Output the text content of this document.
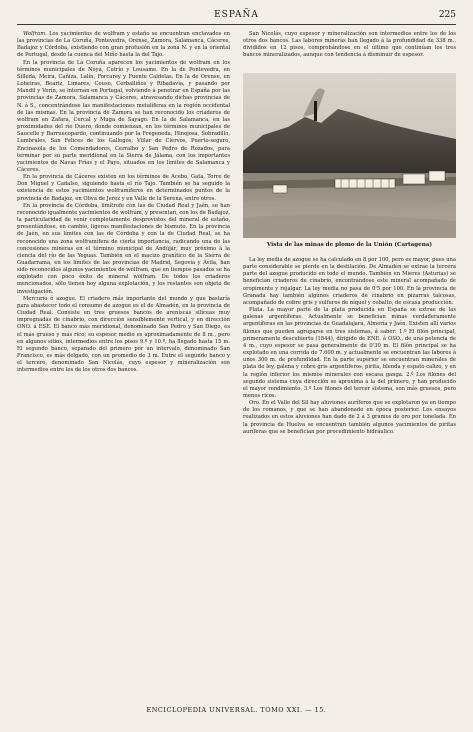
ESPAÑA	225

Wolfram. Los yacimientos de wolfram y estaño se encuentran enclavados en las provincias de La Coruña, Pontevedra, Orense, Zamora, Salamanca, Cáceres, Badajoz y Córdoba, existiendo con gran profusión en la zona N. y en la oriental de Portugal, desde la cuenca del Miño hasta la del Tajo.

En la provincia de La Coruña aparecen los yacimientos de wolfram en los términos municipales de Noya, Cutrío y Lousame. En la de Pontevedra, en Silleda, Meira, Cañiza, Lalín, Forcarey y Fuente Caldelas. En la de Orense, en Lobeiras, Beariz, Limares, Couso, Cerballiños y Ribadavia, y pasando por Mandil y Verín, se internan en Portugal, volviendo á penetrar en España por las provincias de Zamora, Salamanca y Cáceres, atravesando dichas provincias de N. á S., concentrándose las manifestaciones metalíferas en la región occidental de las mismas. En la provincia de Zamora se han reconocido los criaderos de wolfram en Zafara, Cercal y Muga de Sayago. En la de Salamanca, en las proximidades del río Duero, donde comienzan, en los términos municipales de Saucelle y Barruecopardo, continuando por la Fregeneda, Hinojosa, Sobradillo, Lumbrales, San Felices de los Gallegos, Villar de Ciervos, Puerto-seguro, Encinasola de los Comendadores, Cerralbo y San Pedro de Rozados, para terminar por su parte meridional en la Sierra de Jálama, con los importantes yacimientos de Navas Frías y el Payo, situados en los límites de Salamanca y Cáceres.

En la provincia de Cáceres existen en los términos de Acebo, Gata, Torre de Don Miguel y Cadalso, siguiendo hasta el río Tajo. También se ha seguido la existencia de estos yacimientos wolframíferos en determinados puntos de la provincia de Badajoz, en Oliva de Jerez y en Valle de la Serena, entre otros.

En la provincia de Córdoba, limítrofe con las de Ciudad Real y Jaén, se han reconocido igualmente yacimientos de wolfram, y presentan, con los de Badajoz, la particularidad de venir completamente desprovistos del mineral de estaño, presentándose, en cambio, ligeras manifestaciones de bismuto. En la provincia de Jaén, en sus límites con las de Córdoba y con la de Ciudad Real, se ha reconocido una zona wolframífera de cierta importancia, radicando una de las concesiones mineras en el término municipal de Andújar, muy próximo á la ciencia del río de las Yeguas. También en el macizo granítico de la Sierra de Guadarrama, en los límites de las provincias de Madrid, Segovia y Ávila, han sido reconocidos algunos yacimientos de wolfram, que en tiempos pasados se ha explotado con poco éxito de mineral wolfram. De todos los criaderos mencionados, sólo tienen hoy alguna explotación, y los restantes son objeto de investigación.

Mercurio ó azogue. El criadero más importante del mundo y que bastaría para abastecer todo el consumo de azogue es el de Almadén, en la provincia de Ciudad Real. Consiste en tres gruesos bancos de areniscas silíceas muy impregnadas de cinabrio, con dirección sensiblemente vertical, y en dirección ONO. á ESE. El banco más meridional, denominado San Pedro y San Diego, es el más grueso y más rico; su espesor medio es aproximadamente de 8 m., pero en algunos sitios, intermedios entre los pisos 9.º y 10.º, ha llegado hasta 15 m. El segundo banco, separado del primero por un intervalo, denominado San Francisco, es más delgado, con un promedio de 3 m. Entre el segundo banco y el tercero, denominado San Nicolás, cuyo espesor y mineralización son intermedios entre los de los otros dos bancos.

San Nicolás, cuyo espesor y mineralización son intermedios entre los de los otros dos bancos. Las labores mineras han llegado á la profundidad de 338 m., divididos en 12 pisos, comprobándose en el último que continúan los tres bancos mineralizados, aunque con tendencia á disminuir de espesor.

Vista de las minas de plomo de la Unión (Cartagena)

La ley media de azogue se ha calculado en 8 por 100, pero es mayor, pues una parte considerable se pierde en la destilación. De Almadén se extrae la tercera parte del azogue producido en todo el mundo. También en Mieres (Asturias) se benefician criaderos de cinabrio, encontrándose este mineral acompañado de oropimente y rejalgar. La ley media no pasa de 0'5 por 100. En la provincia de Granada hay también algunos criaderos de cinabrio en pizarras talcosas, acompañado de cobre gris y sulfuros de níquel y cobalto, de escasa producción.

Plata. La mayor parte de la plata producida en España se extrae de las galenas argentíferas. Actualmente se benefician minas verdaderamente argentíferas en las provincias de Guadalajara, Almería y Jaén. Existen allí varios filones que pueden agruparse en tres sistemas, á saber: 1.º El filón principal, primeramente descubierto (1844), dirigido de ENE. á OSO., de una potencia de 4 m., cuyo espesor se pasa generalmente de 0'30 m. El filón principal se ha explotado en una corrida de 7.600 m. y actualmente se encuentran las labores á unos 300 m. de profundidad. En la parte superior se encuentran minerales de plata de ley, galena y cobre gris argentíferos, pirita, blenda y espato calizo, y en la región inferior los mismos minerales con escasa ganga. 2.º Los filones del segundo sistema cuya dirección se aproxima á la del primero, y han producido el mayor rendimiento. 3.º Los filones del tercer sistema, son más gruesos, pero menos ricos.

Oro. En el Valle del Sil hay aluviones auríferos que se explotaron ya en tiempo de los romanos, y que se han abandonado en época posterior. Los ensayos realizados en estos aluviones han dado de 2 á 3 gramos de oro por tonelada. En la provincia de Huelva se encuentran también algunos yacimientos de piritas auríferas que se benefician por procedimiento hidráulico.

ENCICLOPEDIA UNIVERSAL. TOMO XXI. — 15.
